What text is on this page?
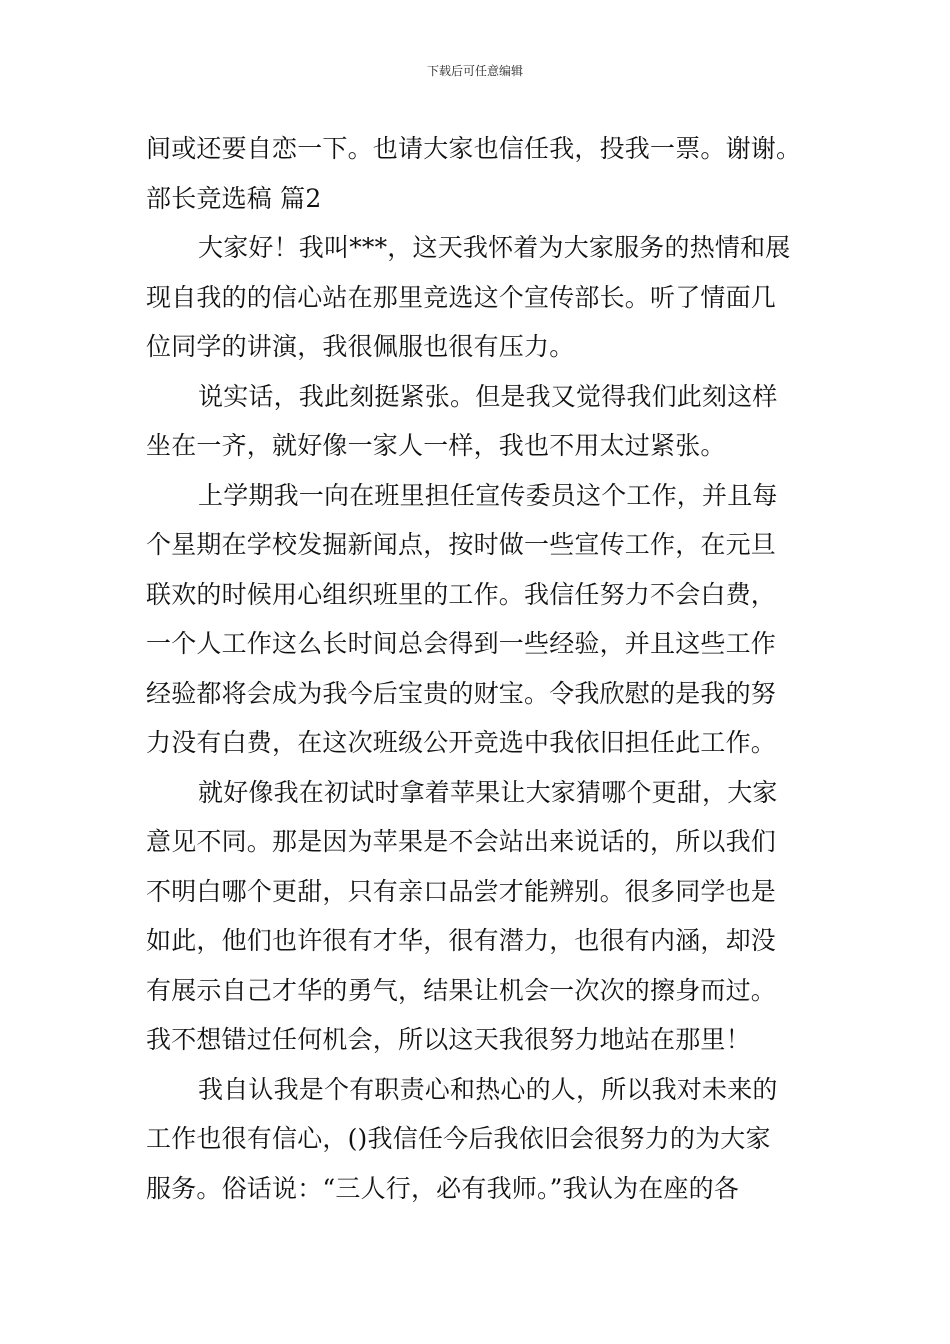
下载后可任意编辑
间或还要自恋一下。也请大家也信任我，投我一票。谢谢。
部长竞选稿 篇2
大家好！我叫***，这天我怀着为大家服务的热情和展
现自我的的信心站在那里竞选这个宣传部长。听了情面几
位同学的讲演，我很佩服也很有压力。
说实话，我此刻挺紧张。但是我又觉得我们此刻这样
坐在一齐，就好像一家人一样，我也不用太过紧张。
上学期我一向在班里担任宣传委员这个工作，并且每
个星期在学校发掘新闻点，按时做一些宣传工作，在元旦
联欢的时候用心组织班里的工作。我信任努力不会白费，
一个人工作这么长时间总会得到一些经验，并且这些工作
经验都将会成为我今后宝贵的财宝。令我欣慰的是我的努
力没有白费，在这次班级公开竞选中我依旧担任此工作。
就好像我在初试时拿着苹果让大家猜哪个更甜，大家
意见不同。那是因为苹果是不会站出来说话的，所以我们
不明白哪个更甜，只有亲口品尝才能辨别。很多同学也是
如此，他们也许很有才华，很有潜力，也很有内涵，却没
有展示自己才华的勇气，结果让机会一次次的擦身而过。
我不想错过任何机会，所以这天我很努力地站在那里！
我自认我是个有职责心和热心的人，所以我对未来的
工作也很有信心，()我信任今后我依旧会很努力的为大家
服务。俗话说：“三人行，必有我师。”我认为在座的各
